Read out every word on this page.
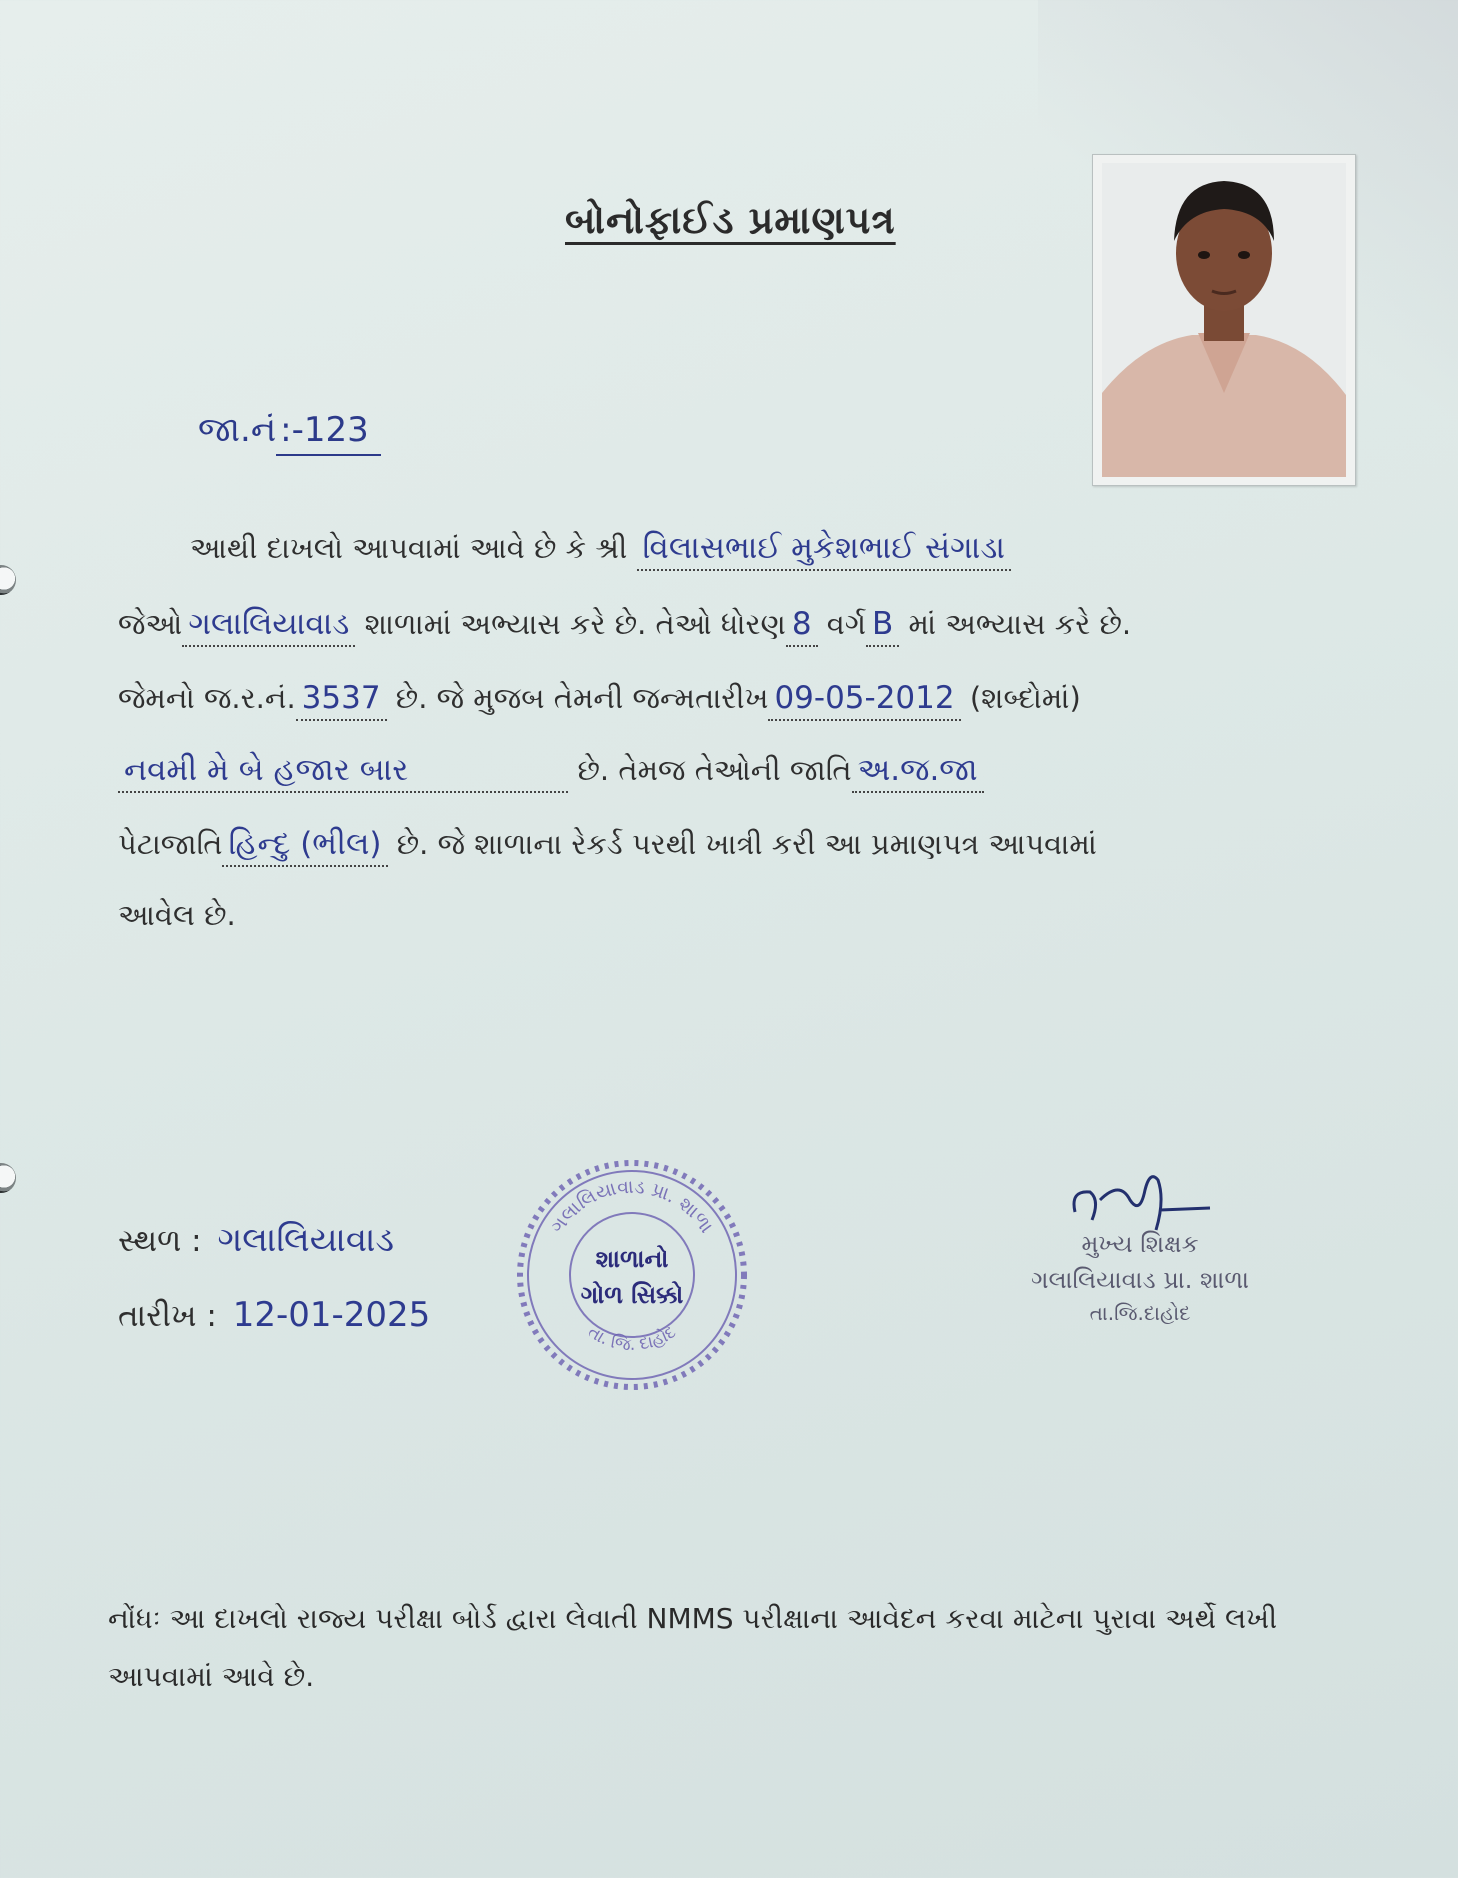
બોનોફાઈડ પ્રમાણપત્ર
જા.નં :-123
આથી દાખલો આપવામાં આવે છે કે શ્રી વિલાસભાઈ મુકેશભાઈ સંગાડા
જેઓ ગલાલિયાવાડ શાળામાં અભ્યાસ કરે છે. તેઓ ધોરણ 8 વર્ગ B માં અભ્યાસ કરે છે.
જેમનો જ.ર.નં. 3537 છે. જે મુજબ તેમની જન્મતારીખ 09-05-2012 (શબ્દોમાં)
નવમી મે બે હજાર બાર	છે. તેમજ તેઓની જાતિ અ.જ.જા
પેટાજાતિ હિન્દુ (ભીલ) છે. જે શાળાના રેકર્ડ પરથી ખાત્રી કરી આ પ્રમાણપત્ર આપવામાં
આવેલ છે.
સ્થળ : ગલાલિયાવાડ
તારીખ : 12-01-2025
ગલાલિયાવાડ પ્રા. શાળા
તા. જિ. દાહોદ
શાળાનો
ગોળ સિક્કો
મુખ્ય શિક્ષક
ગલાલિયાવાડ પ્રા. શાળા
તા.જિ.દાહોદ
નોંધઃ આ દાખલો રાજ્ય પરીક્ષા બોર્ડ દ્વારા લેવાતી NMMS પરીક્ષાના આવેદન કરવા માટેના પુરાવા અર્થે લખી આપવામાં આવે છે.
